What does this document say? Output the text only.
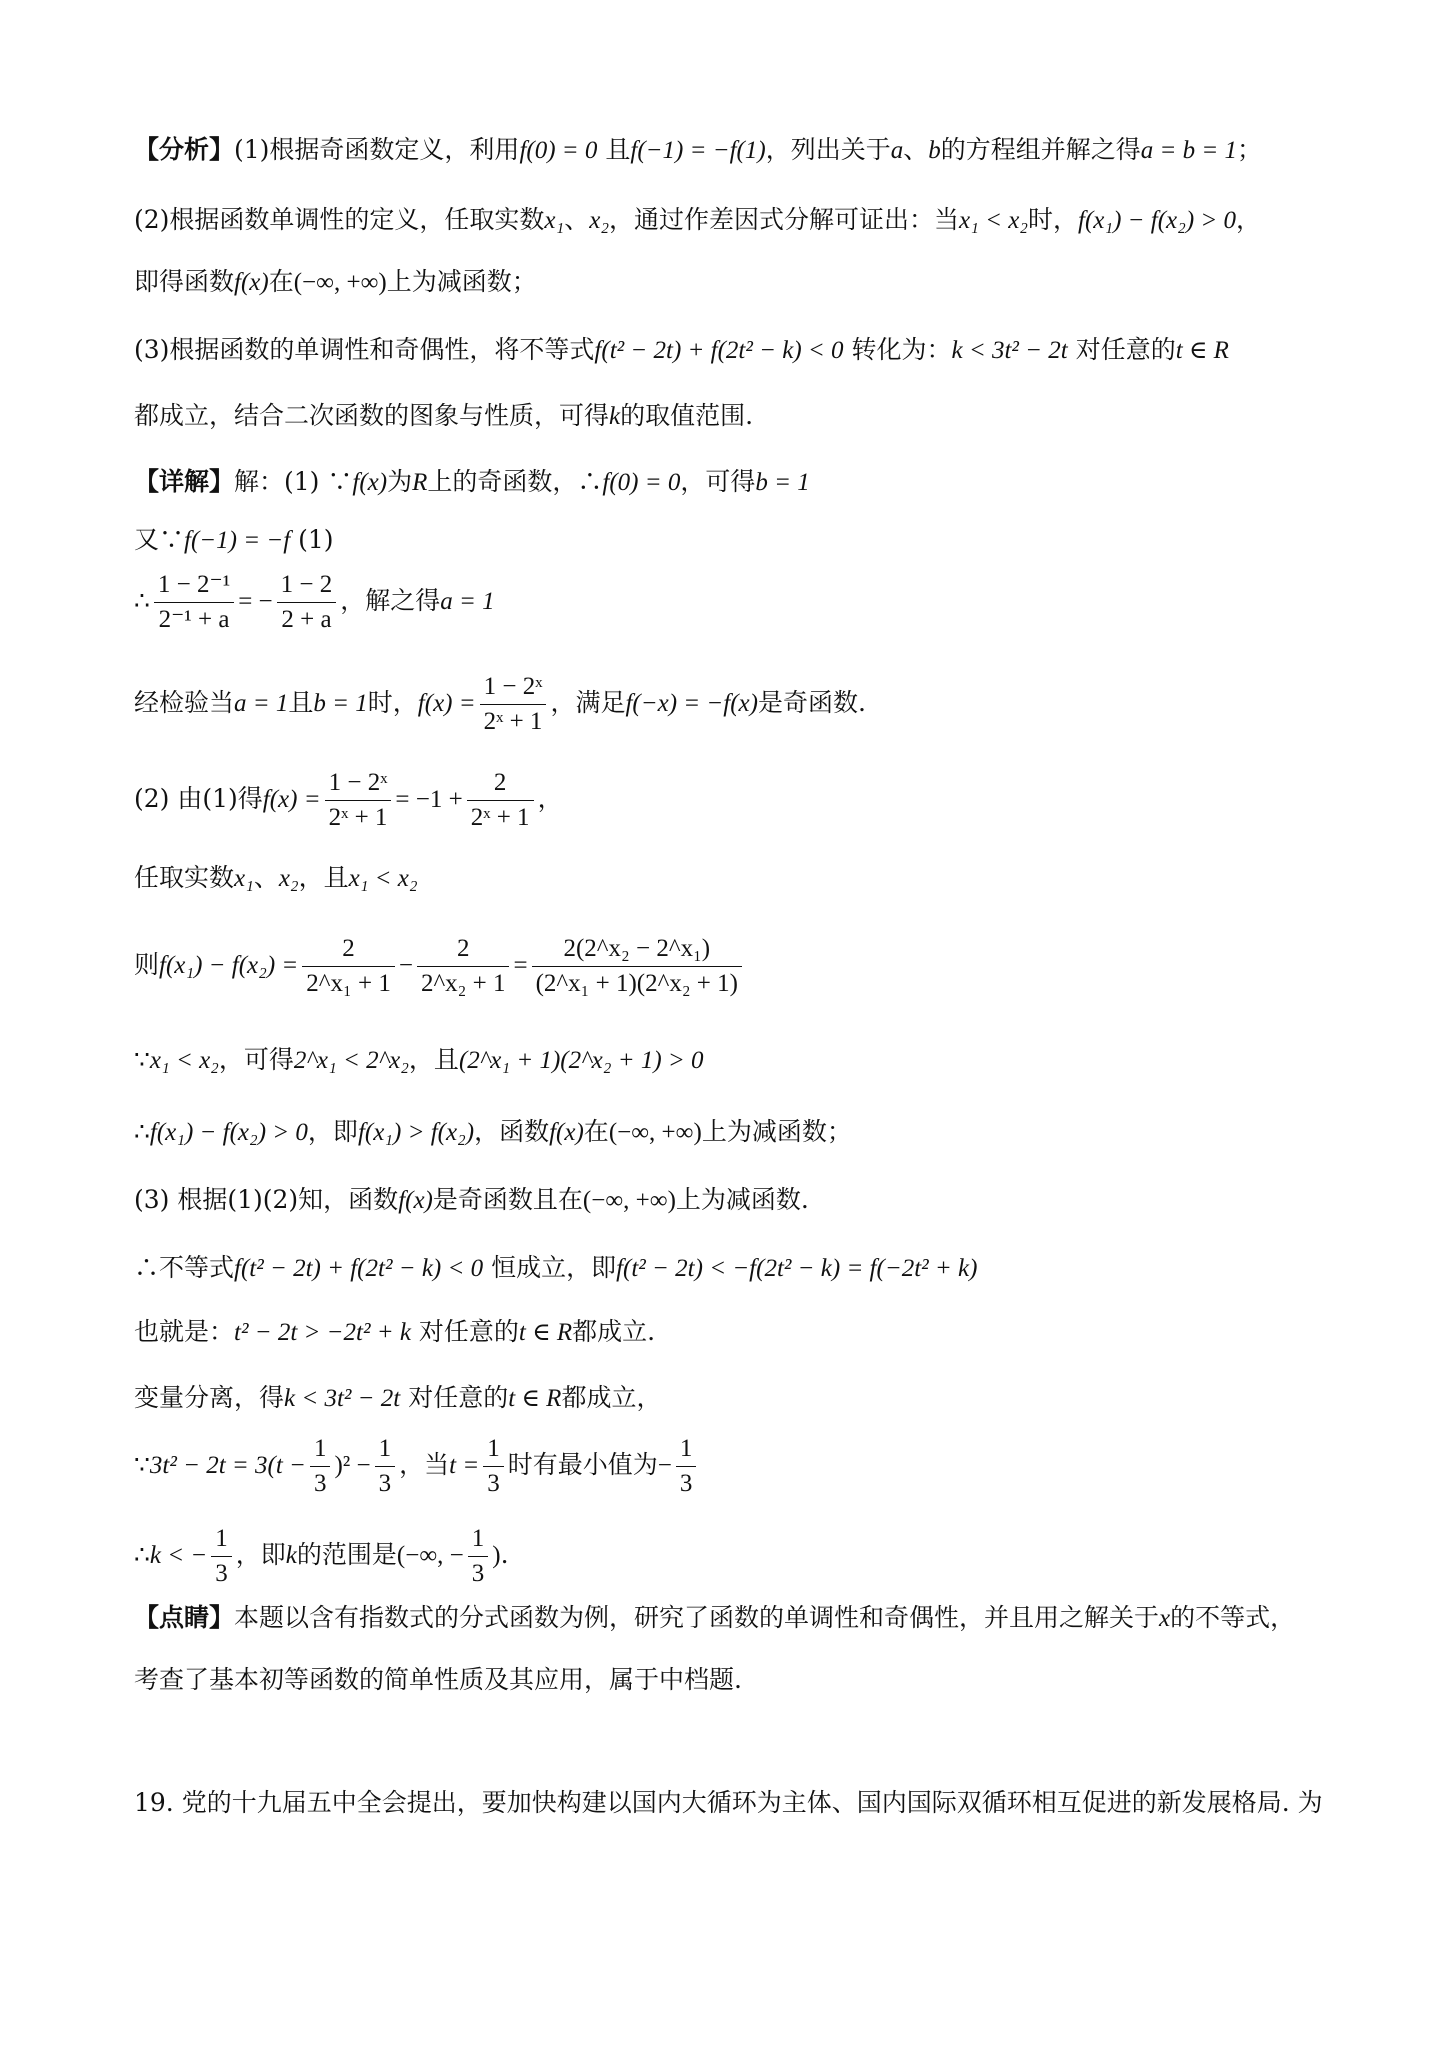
【分析】(1)根据奇函数定义，利用f(0) = 0 且f(−1) = −f(1)，列出关于a、b的方程组并解之得a = b = 1；
(2)根据函数单调性的定义，任取实数x₁、x₂，通过作差因式分解可证出：当x₁ < x₂时，f(x₁) − f(x₂) > 0，
即得函数f(x)在(−∞, +∞)上为减函数；
(3)根据函数的单调性和奇偶性，将不等式f(t² − 2t) + f(2t² − k) < 0 转化为：k < 3t² − 2t 对任意的t ∈ R
都成立，结合二次函数的图象与性质，可得k的取值范围.
【详解】解：(1) ∵f(x)为R上的奇函数，∴f(0) = 0，可得b = 1
又∵f(−1) = −f (1)
∴ $\frac{\text{1 − 2⁻¹}}{\text{2⁻¹ + a}}$ = − $\frac{1 - 2}{2 + a}$ ，解之得a = 1
经检验当a = 1且b = 1时，$f(x) = \frac{\text{1 − 2ˣ}}{\text{2ˣ + 1}}$ ，满足f(−x) = −f(x)是奇函数.
(2) 由(1)得$f(x) = \frac{\text{1 − 2ˣ}}{\text{2ˣ + 1}} = -1 + \frac{2}{\text{2ˣ + 1}}$ ，
任取实数x₁、x₂，且x₁ < x₂
则$f(x_1) - f(x_2) = \frac{2}{\text{2\textasciicircum{}x₁ + 1}} - \frac{2}{\text{2\textasciicircum{}x₂ + 1}} = \frac{\text{2(2\textasciicircum{}x₂ − 2\textasciicircum{}x₁)}}{\text{(2\textasciicircum{}x₁ + 1)(2\textasciicircum{}x₂ + 1)}}$
∵x₁ < x₂，可得2^x₁ < 2^x₂，且(2^x₁ + 1)(2^x₂ + 1) > 0
∴f(x₁) − f(x₂) > 0，即f(x₁) > f(x₂)，函数f(x)在(−∞, +∞)上为减函数；
(3) 根据(1)(2)知，函数f(x)是奇函数且在(−∞, +∞)上为减函数.
∴不等式f(t² − 2t) + f(2t² − k) < 0 恒成立，即f(t² − 2t) < −f(2t² − k) = f(−2t² + k)
也就是：t² − 2t > −2t² + k 对任意的t ∈ R都成立.
变量分离，得k < 3t² − 2t 对任意的t ∈ R都成立，
∵3t² − $2t = 3(t - \frac{1}{3} )^2 - \frac{1}{3}$ ，当$t = \frac{1}{3}$ 时有最小值为− $\frac{1}{3}$
∴k < − $\frac{1}{3}$ ，即k的范围是(−∞, − $\frac{1}{3}$ ).
【点睛】本题以含有指数式的分式函数为例，研究了函数的单调性和奇偶性，并且用之解关于x的不等式，
考查了基本初等函数的简单性质及其应用，属于中档题.
19. 党的十九届五中全会提出，要加快构建以国内大循环为主体、国内国际双循环相互促进的新发展格局. 为
